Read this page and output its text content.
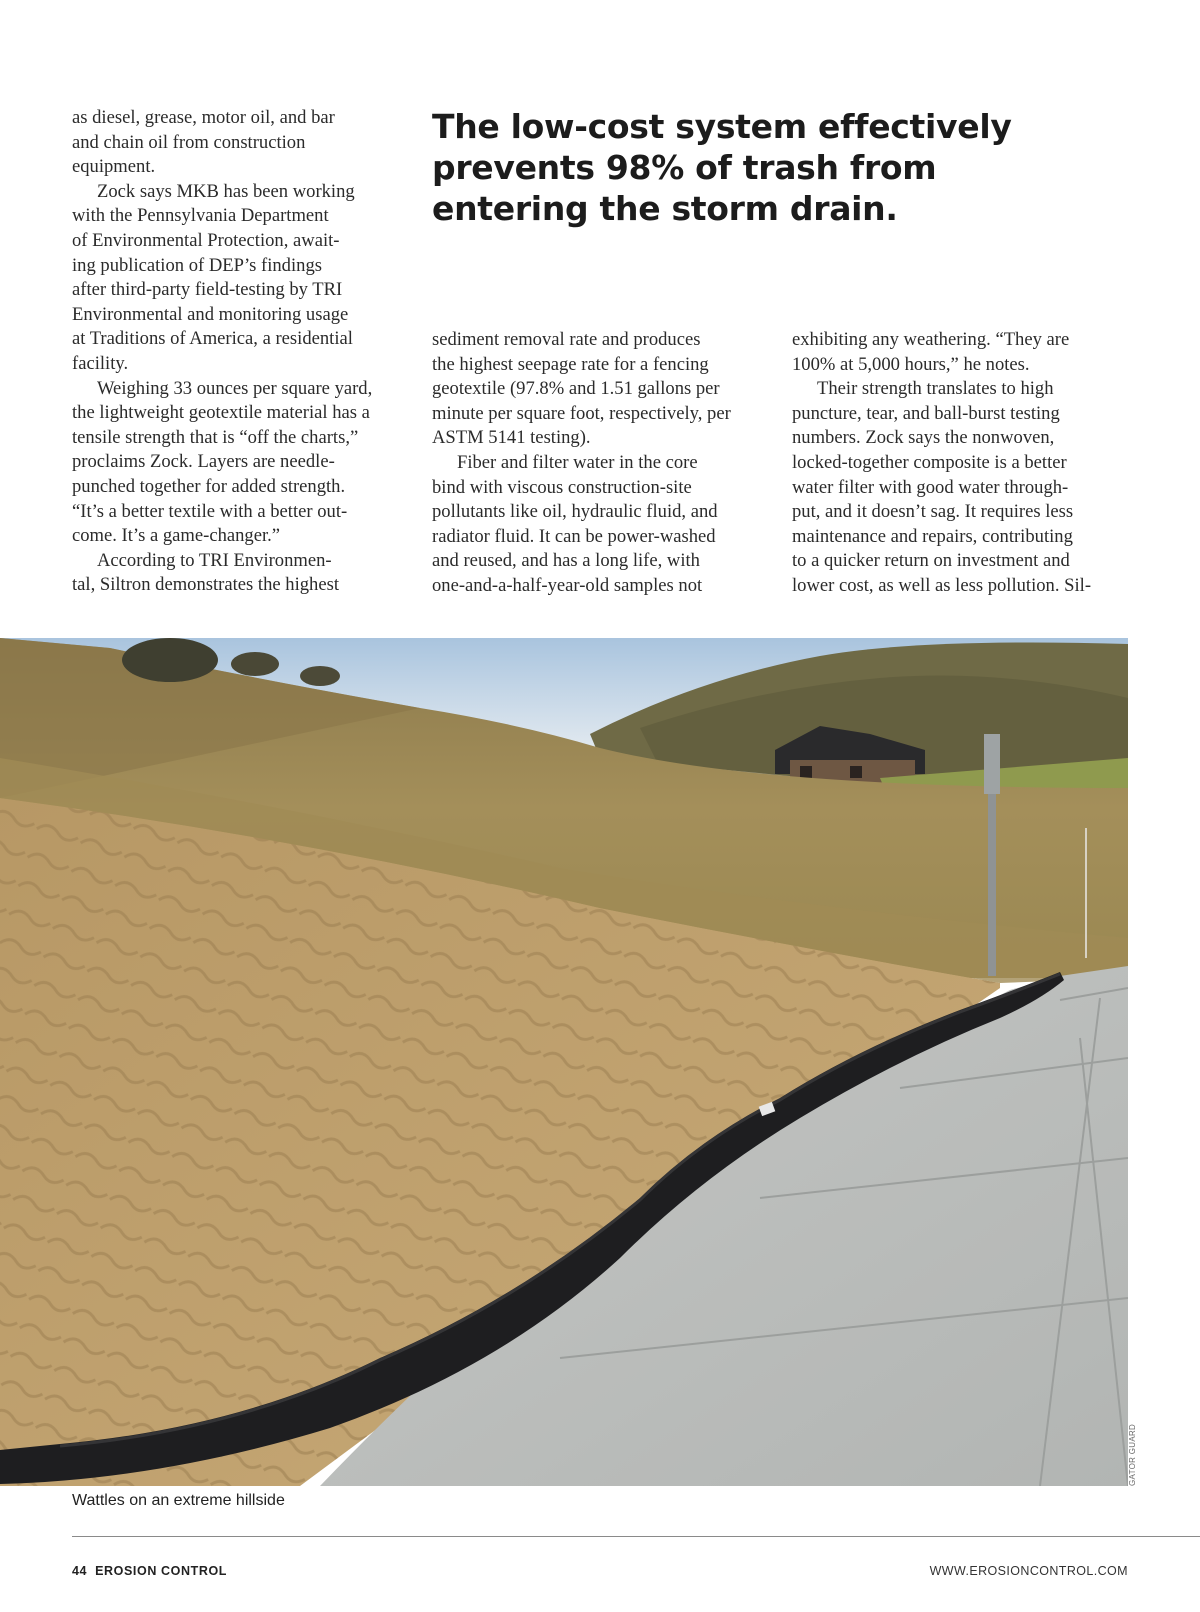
as diesel, grease, motor oil, and bar
and chain oil from construction
equipment.
Zock says MKB has been working
with the Pennsylvania Department
of Environmental Protection, await-
ing publication of DEP’s findings
after third-party field-testing by TRI
Environmental and monitoring usage
at Traditions of America, a residential
facility.
Weighing 33 ounces per square yard,
the lightweight geotextile material has a
tensile strength that is “off the charts,”
proclaims Zock. Layers are needle-
punched together for added strength.
“It’s a better textile with a better out-
come. It’s a game-changer.”
According to TRI Environmen-
tal, Siltron demonstrates the highest
The low-cost system effectively
prevents 98% of trash from
entering the storm drain.
sediment removal rate and produces
the highest seepage rate for a fencing
geotextile (97.8% and 1.51 gallons per
minute per square foot, respectively, per
ASTM 5141 testing).
Fiber and filter water in the core
bind with viscous construction-site
pollutants like oil, hydraulic fluid, and
radiator fluid. It can be power-washed
and reused, and has a long life, with
one-and-a-half-year-old samples not
exhibiting any weathering. “They are
100% at 5,000 hours,” he notes.
Their strength translates to high
puncture, tear, and ball-burst testing
numbers. Zock says the nonwoven,
locked-together composite is a better
water filter with good water through-
put, and it doesn’t sag. It requires less
maintenance and repairs, contributing
to a quicker return on investment and
lower cost, as well as less pollution. Sil-
GATOR GUARD
Wattles on an extreme hillside
44 EROSION CONTROL	WWW.EROSIONCONTROL.COM
